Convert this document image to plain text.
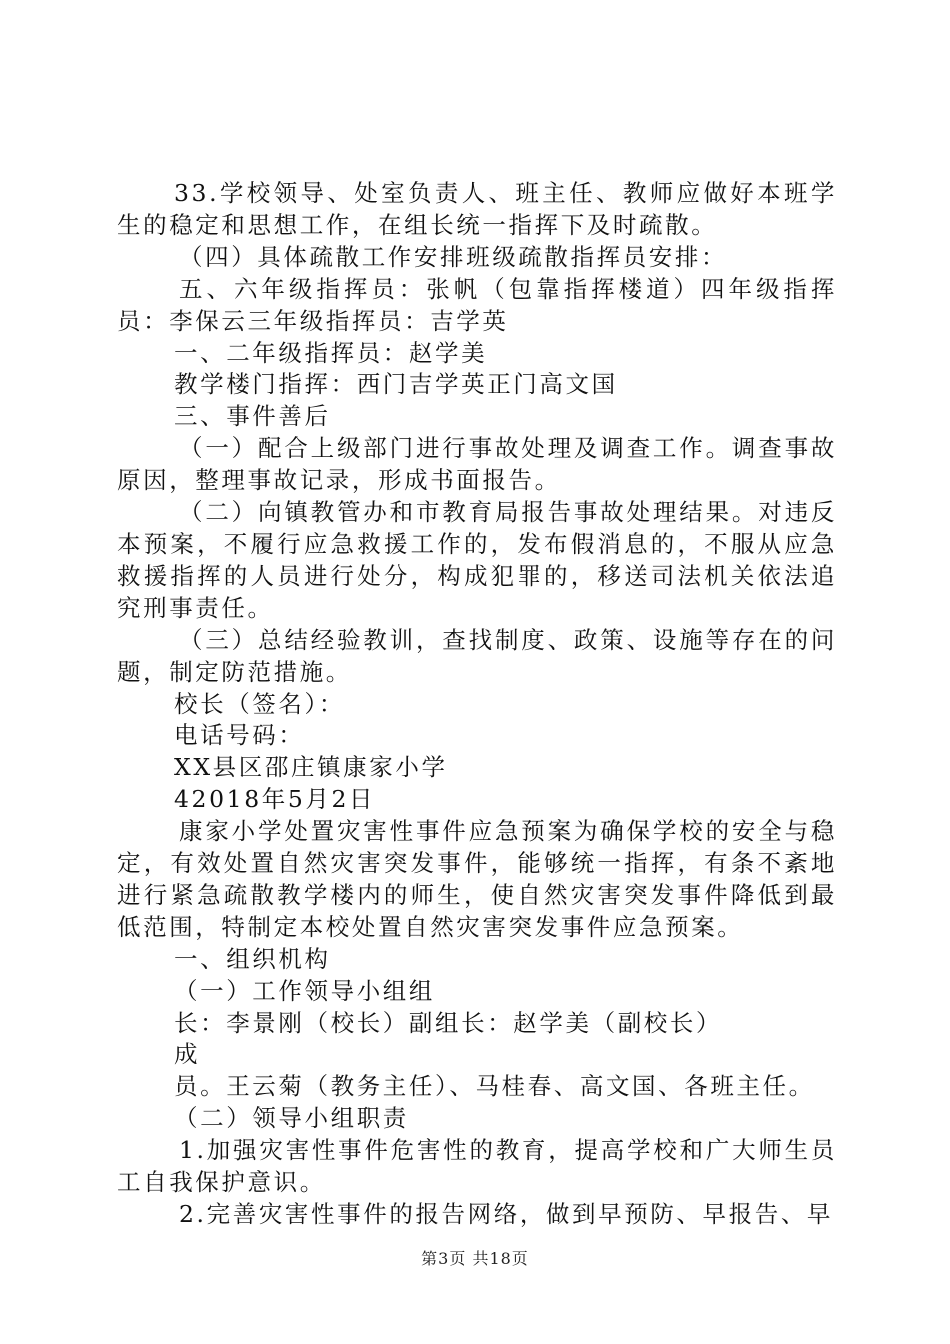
33.学校领导、处室负责人、班主任、教师应做好本班学生的稳定和思想工作，在组长统一指挥下及时疏散。

（四）具体疏散工作安排班级疏散指挥员安排：

五、六年级指挥员：张帆（包靠指挥楼道）四年级指挥员：李保云三年级指挥员：吉学英

一、二年级指挥员：赵学美

教学楼门指挥：西门吉学英正门高文国

三、事件善后

（一）配合上级部门进行事故处理及调查工作。调查事故原因，整理事故记录，形成书面报告。

（二）向镇教管办和市教育局报告事故处理结果。对违反本预案，不履行应急救援工作的，发布假消息的，不服从应急救援指挥的人员进行处分，构成犯罪的，移送司法机关依法追究刑事责任。

（三）总结经验教训，查找制度、政策、设施等存在的问题，制定防范措施。

校长（签名）：

电话号码：

XX县区邵庄镇康家小学

42018年5月2日

康家小学处置灾害性事件应急预案为确保学校的安全与稳定，有效处置自然灾害突发事件，能够统一指挥，有条不紊地进行紧急疏散教学楼内的师生，使自然灾害突发事件降低到最低范围，特制定本校处置自然灾害突发事件应急预案。

一、组织机构

（一）工作领导小组组

长：李景刚（校长）副组长：赵学美（副校长）

成

员。王云菊（教务主任）、马桂春、高文国、各班主任。

（二）领导小组职责

1.加强灾害性事件危害性的教育，提高学校和广大师生员工自我保护意识。

2.完善灾害性事件的报告网络，做到早预防、早报告、早

第3页 共18页
